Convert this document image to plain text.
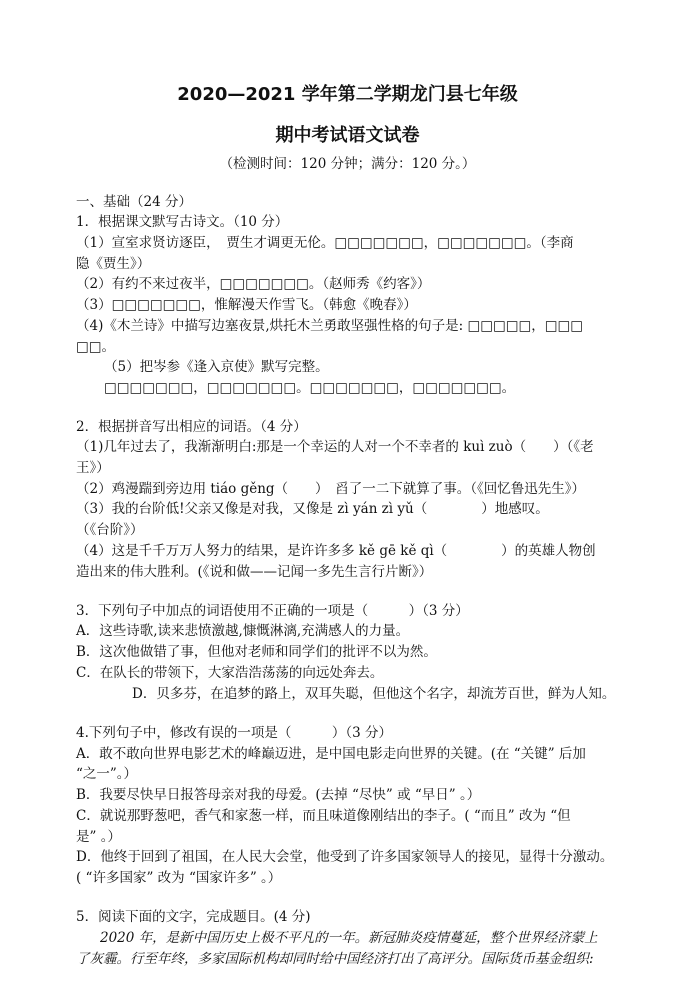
2020—2021 学年第二学期龙门县七年级
期中考试语文试卷
（检测时间：120 分钟；满分：120 分。）
一、基础（24 分）
1．根据课文默写古诗文。（10 分）
（1）宣室求贤访逐臣，　贾生才调更无伦。□□□□□□□，□□□□□□□。（李商
隐《贾生》）
（2）有约不来过夜半，□□□□□□□。（赵师秀《约客》）
（3）□□□□□□□，惟解漫天作雪飞。（韩愈《晚春》）
（4)《木兰诗》中描写边塞夜景,烘托木兰勇敢坚强性格的句子是: □□□□□，□□□
□□。
（5）把岑参《逢入京使》默写完整。
□□□□□□□，□□□□□□□。□□□□□□□，□□□□□□□。
2．根据拼音写出相应的词语。（4 分）
（1)几年过去了，我渐渐明白:那是一个幸运的人对一个不幸者的 kuì zuò（　　）（《老
王》）
（2）鸡漫踹到旁边用 tiáo gěng（　　）　舀了一二下就算了事。（《回忆鲁迅先生》）
（3）我的台阶低!父亲又像是对我，又像是 zì yán zì yǔ（　　　　）地感叹。
（《台阶》）
（4）这是千千万万人努力的结果，是许许多多 kě gē kě qì（　　　　）的英雄人物创
造出来的伟大胜利。(《说和做——记闻一多先生言行片断》）
3．下列句子中加点的词语使用不正确的一项是（　　　）（3 分）
A．这些诗歌,读来悲愤激越,慷慨淋漓,充满感人的力量。
B．这次他做错了事，但他对老师和同学们的批评不以为然。
C．在队长的带领下，大家浩浩荡荡的向远处奔去。
D．贝多芬，在追梦的路上，双耳失聪，但他这个名字，却流芳百世，鲜为人知。
4.下列句子中，修改有误的一项是（　　　）（3 分）
A．敢不敢向世界电影艺术的峰巅迈进，是中国电影走向世界的关键。(在 “关键” 后加
“之一”。）
B．我要尽快早日报答母亲对我的母爱。(去掉 “尽快” 或 “早日” 。）
C．就说那野葱吧，香气和家葱一样，而且味道像刚结出的李子。( “而且” 改为 “但
是” 。）
D．他终于回到了祖国，在人民大会堂，他受到了许多国家领导人的接见，显得十分激动。
( “许多国家” 改为 “国家许多” 。）
5．阅读下面的文字，完成题目。(4 分)
2020 年，是新中国历史上极不平凡的一年。新冠肺炎疫情蔓延，整个世界经济蒙上
了灰霾。行至年终，多家国际机构却同时给中国经济打出了高评分。国际货币基金组织:
